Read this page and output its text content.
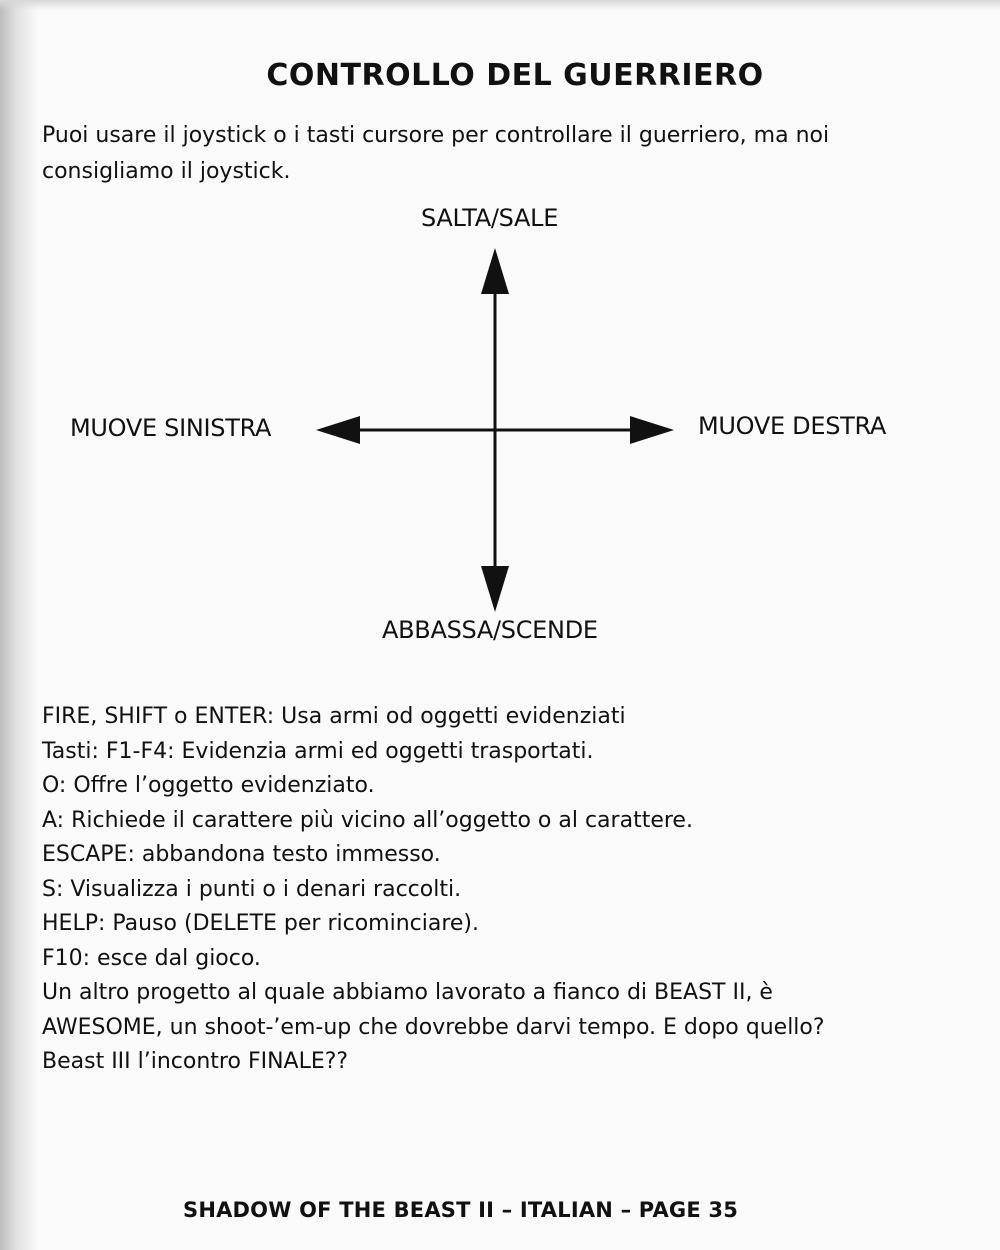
CONTROLLO DEL GUERRIERO

Puoi usare il joystick o i tasti cursore per controllare il guerriero, ma noi consigliamo il joystick.

SALTA/SALE
ABBASSA/SCENDE
MUOVE SINISTRA	MUOVE DESTRA
FIRE, SHIFT o ENTER: Usa armi od oggetti evidenziati
Tasti: F1-F4: Evidenzia armi ed oggetti trasportati.
O: Offre l’oggetto evidenziato.
A: Richiede il carattere più vicino all’oggetto o al carattere.
ESCAPE: abbandona testo immesso.
S: Visualizza i punti o i denari raccolti.
HELP: Pauso (DELETE per ricominciare).
F10: esce dal gioco.
Un altro progetto al quale abbiamo lavorato a fianco di BEAST II, è
AWESOME, un shoot-’em-up che dovrebbe darvi tempo. E dopo quello?
Beast III l’incontro FINALE??
SHADOW OF THE BEAST II – ITALIAN – PAGE 35
